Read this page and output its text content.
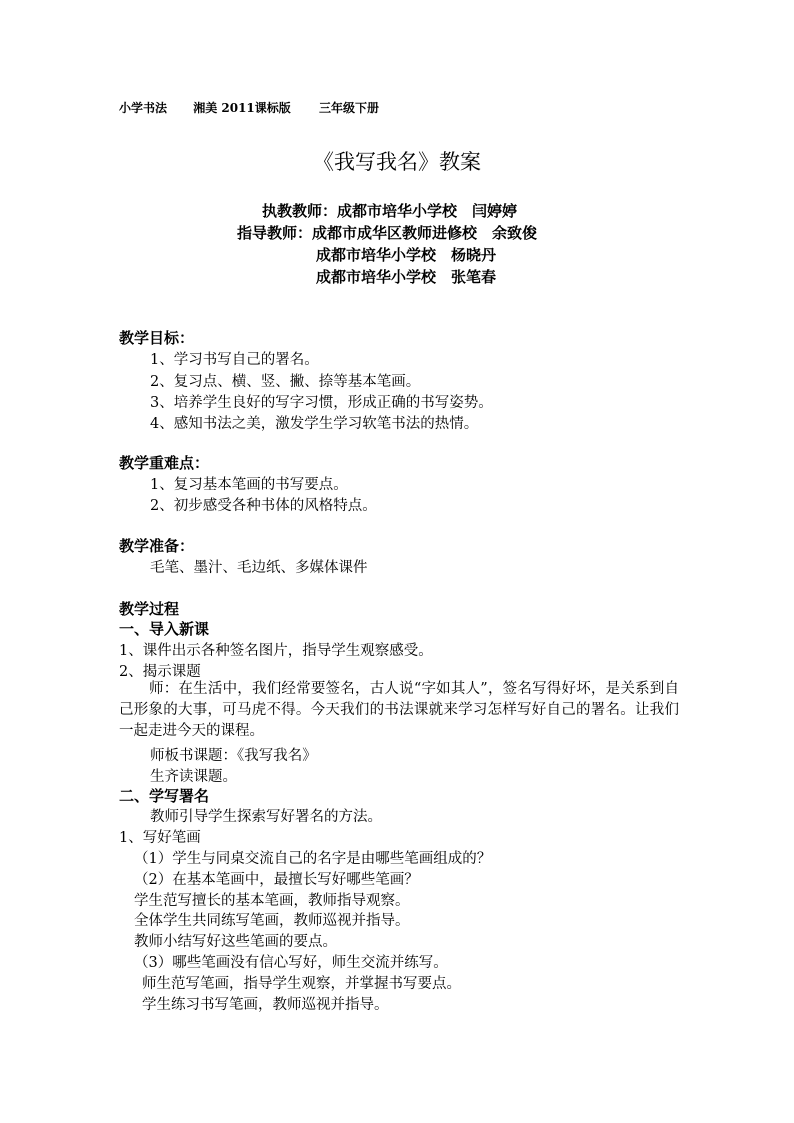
小学书法 湘美 2011课标版 三年级下册
《我写我名》教案
执教教师：成都市培华小学校　闫婷婷
指导教师：成都市成华区教师进修校　余致俊
成都市培华小学校　杨晓丹
成都市培华小学校　张笔春
教学目标：
1、学习书写自己的署名。
2、复习点、横、竖、撇、捺等基本笔画。
3、培养学生良好的写字习惯，形成正确的书写姿势。
4、感知书法之美，激发学生学习软笔书法的热情。
教学重难点：
1、复习基本笔画的书写要点。
2、初步感受各种书体的风格特点。
教学准备：
毛笔、墨汁、毛边纸、多媒体课件
教学过程
一、导入新课
1、课件出示各种签名图片，指导学生观察感受。
2、揭示课题
师：在生活中，我们经常要签名，古人说“字如其人”，签名写得好坏，是关系到自己形象的大事，可马虎不得。今天我们的书法课就来学习怎样写好自己的署名。让我们一起走进今天的课程。
师板书课题：《我写我名》
生齐读课题。
二、学写署名
教师引导学生探索写好署名的方法。
1、写好笔画
（1）学生与同桌交流自己的名字是由哪些笔画组成的？
（2）在基本笔画中，最擅长写好哪些笔画？
学生范写擅长的基本笔画，教师指导观察。
全体学生共同练写笔画，教师巡视并指导。
教师小结写好这些笔画的要点。
（3）哪些笔画没有信心写好，师生交流并练写。
师生范写笔画，指导学生观察，并掌握书写要点。
学生练习书写笔画，教师巡视并指导。
